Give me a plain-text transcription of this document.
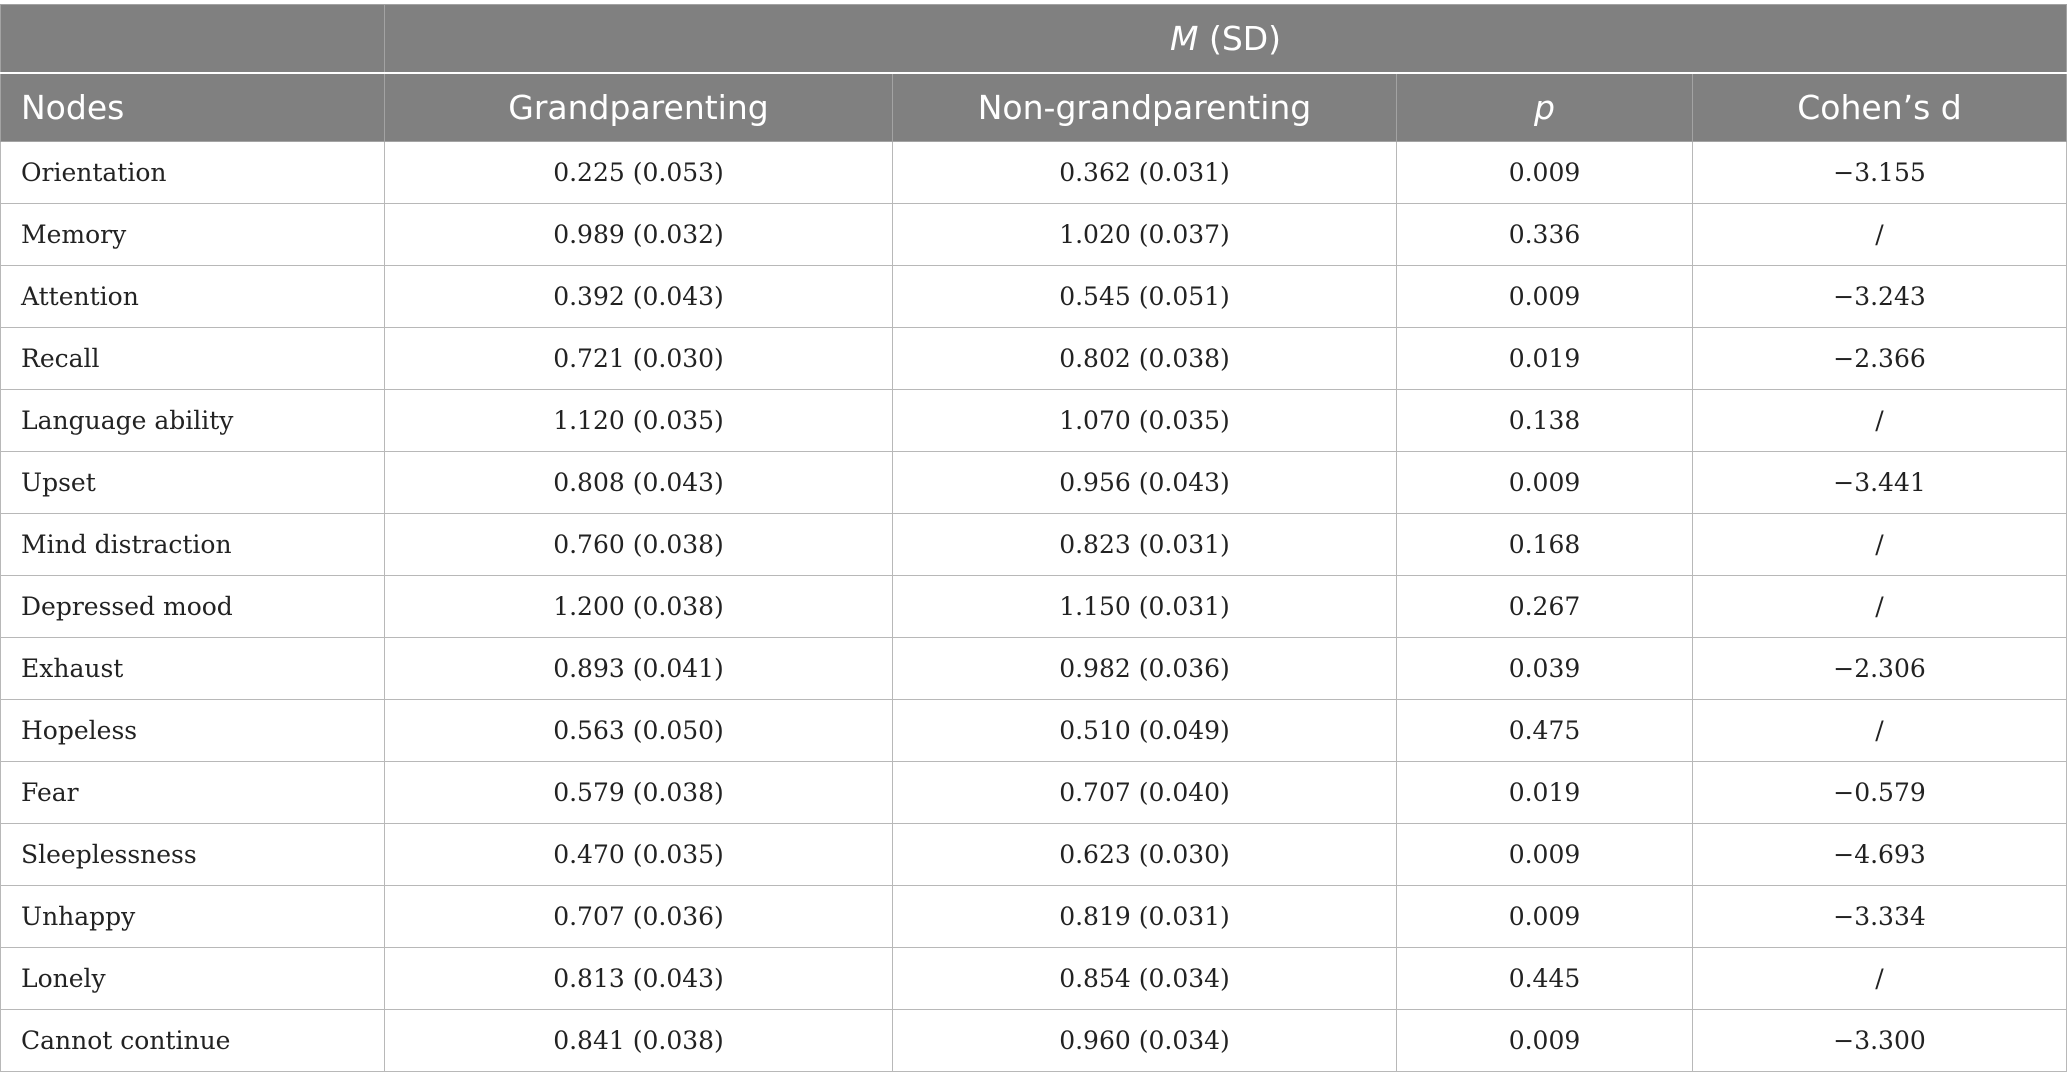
	M (SD)			
Nodes	Grandparenting	Non-grandparenting	p	Cohen’s d
Orientation	0.225 (0.053)	0.362 (0.031)	0.009	−3.155
Memory	0.989 (0.032)	1.020 (0.037)	0.336	/
Attention	0.392 (0.043)	0.545 (0.051)	0.009	−3.243
Recall	0.721 (0.030)	0.802 (0.038)	0.019	−2.366
Language ability	1.120 (0.035)	1.070 (0.035)	0.138	/
Upset	0.808 (0.043)	0.956 (0.043)	0.009	−3.441
Mind distraction	0.760 (0.038)	0.823 (0.031)	0.168	/
Depressed mood	1.200 (0.038)	1.150 (0.031)	0.267	/
Exhaust	0.893 (0.041)	0.982 (0.036)	0.039	−2.306
Hopeless	0.563 (0.050)	0.510 (0.049)	0.475	/
Fear	0.579 (0.038)	0.707 (0.040)	0.019	−0.579
Sleeplessness	0.470 (0.035)	0.623 (0.030)	0.009	−4.693
Unhappy	0.707 (0.036)	0.819 (0.031)	0.009	−3.334
Lonely	0.813 (0.043)	0.854 (0.034)	0.445	/
Cannot continue	0.841 (0.038)	0.960 (0.034)	0.009	−3.300
